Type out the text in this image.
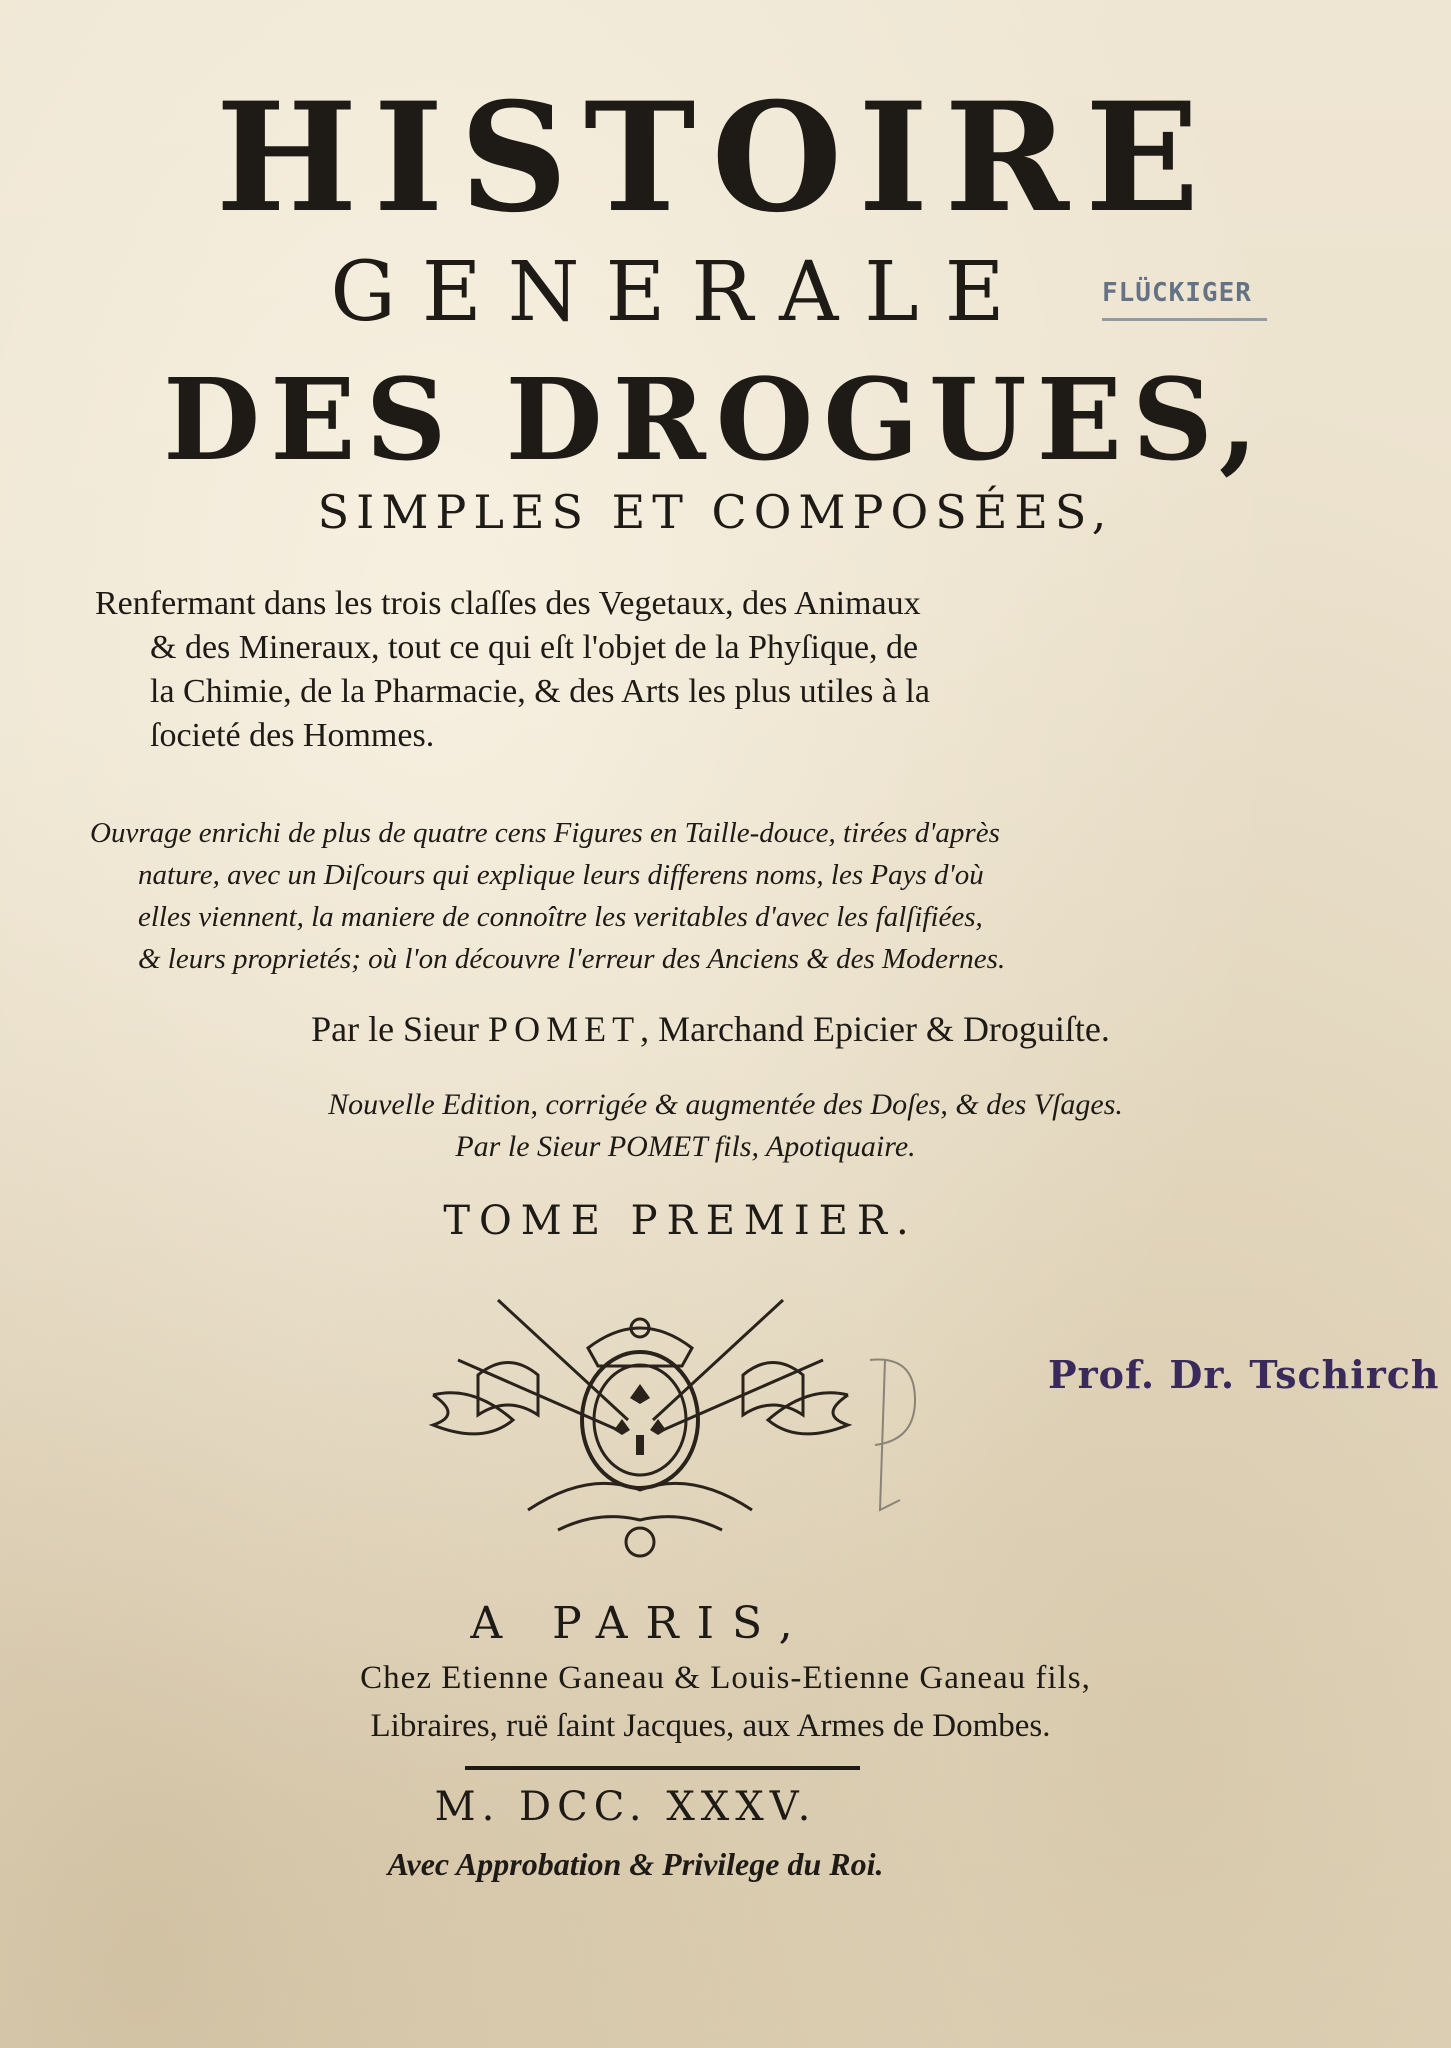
HISTOIRE
GENERALE	FLÜCKIGER
DES DROGUES,
SIMPLES ET COMPOSÉES,
Renfermant dans les trois claſſes des Vegetaux, des Animaux
& des Mineraux, tout ce qui eſt l'objet de la Phyſique, de
la Chimie, de la Pharmacie, & des Arts les plus utiles à la
ſocieté des Hommes.
Ouvrage enrichi de plus de quatre cens Figures en Taille-douce, tirées d'après
nature, avec un Diſcours qui explique leurs differens noms, les Pays d'où
elles viennent, la maniere de connoître les veritables d'avec les falſifiées,
& leurs proprietés; où l'on découvre l'erreur des Anciens & des Modernes.
Par le Sieur POMET, Marchand Epicier & Droguiſte.
Nouvelle Edition, corrigée & augmentée des Doſes, & des Vſages.
Par le Sieur POMET fils, Apotiquaire.
TOME PREMIER.
Prof. Dr. Tschirch
A PARIS,
Chez Etienne Ganeau & Louis-Etienne Ganeau fils,
Libraires, ruë ſaint Jacques, aux Armes de Dombes.
M. DCC. XXXV.
Avec Approbation & Privilege du Roi.
